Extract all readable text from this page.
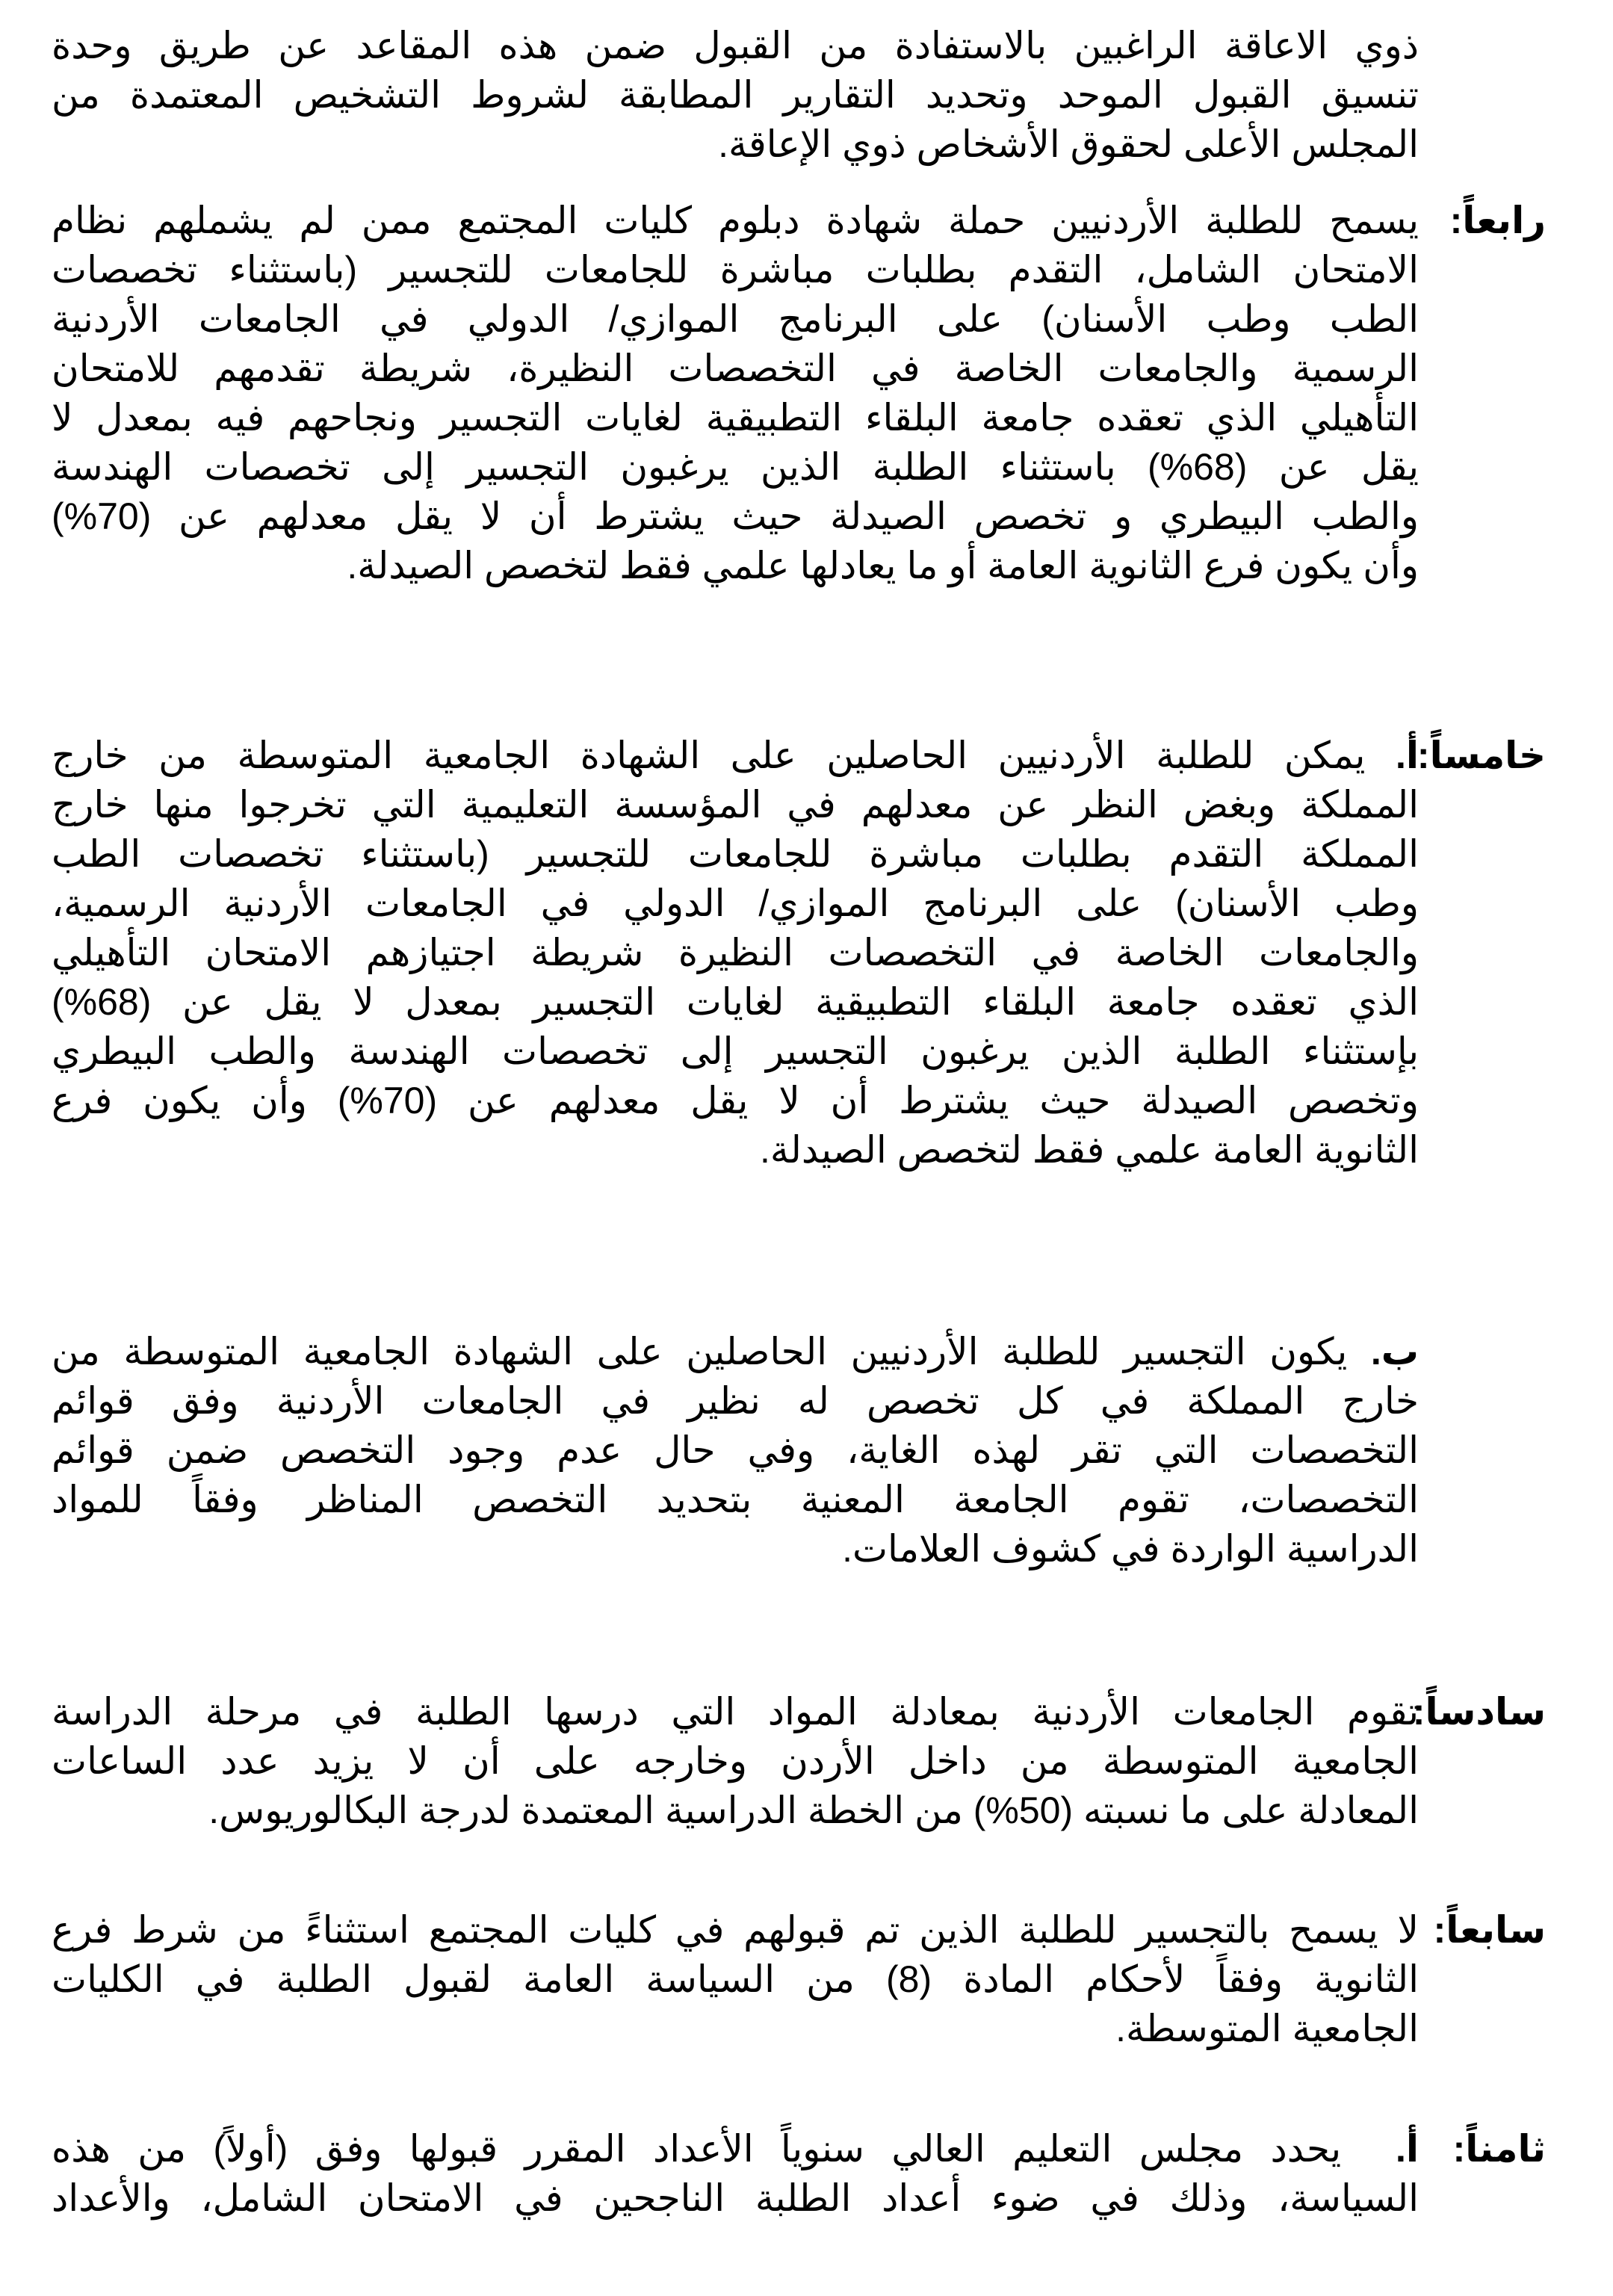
ذوي الاعاقة الراغبين بالاستفادة من القبول ضمن هذه المقاعد عن طريق وحدة
تنسيق القبول الموحد وتحديد التقارير المطابقة لشروط التشخيص المعتمدة من
المجلس الأعلى لحقوق الأشخاص ذوي الإعاقة.
رابعاً:
يسمح للطلبة الأردنيين حملة شهادة دبلوم كليات المجتمع ممن لم يشملهم نظام
الامتحان الشامل، التقدم بطلبات مباشرة للجامعات للتجسير (باستثناء تخصصات
الطب وطب الأسنان) على البرنامج الموازي/ الدولي في الجامعات الأردنية
الرسمية والجامعات الخاصة في التخصصات النظيرة، شريطة تقدمهم للامتحان
التأهيلي الذي تعقده جامعة البلقاء التطبيقية لغايات التجسير ونجاحهم فيه بمعدل لا
يقل عن (68%) باستثناء الطلبة الذين يرغبون التجسير إلى تخصصات الهندسة
والطب البيطري و تخصص الصيدلة حيث يشترط أن لا يقل معدلهم عن (70%)
وأن يكون فرع الثانوية العامة أو ما يعادلها علمي فقط لتخصص الصيدلة.
خامساً:
أ. يمكن للطلبة الأردنيين الحاصلين على الشهادة الجامعية المتوسطة من خارج
المملكة وبغض النظر عن معدلهم في المؤسسة التعليمية التي تخرجوا منها خارج
المملكة التقدم بطلبات مباشرة للجامعات للتجسير (باستثناء تخصصات الطب
وطب الأسنان) على البرنامج الموازي/ الدولي في الجامعات الأردنية الرسمية،
والجامعات الخاصة في التخصصات النظيرة شريطة اجتيازهم الامتحان التأهيلي
الذي تعقده جامعة البلقاء التطبيقية لغايات التجسير بمعدل لا يقل عن (68%)
بإستثناء الطلبة الذين يرغبون التجسير إلى تخصصات الهندسة والطب البيطري
وتخصص الصيدلة حيث يشترط أن لا يقل معدلهم عن (70%) وأن يكون فرع
الثانوية العامة علمي فقط لتخصص الصيدلة.
ب. يكون التجسير للطلبة الأردنيين الحاصلين على الشهادة الجامعية المتوسطة من
خارج المملكة في كل تخصص له نظير في الجامعات الأردنية وفق قوائم
التخصصات التي تقر لهذه الغاية، وفي حال عدم وجود التخصص ضمن قوائم
التخصصات، تقوم الجامعة المعنية بتحديد التخصص المناظر وفقاً للمواد
الدراسية الواردة في كشوف العلامات.
سادساً:
تقوم الجامعات الأردنية بمعادلة المواد التي درسها الطلبة في مرحلة الدراسة
الجامعية المتوسطة من داخل الأردن وخارجه على أن لا يزيد عدد الساعات
المعادلة على ما نسبته (50%) من الخطة الدراسية المعتمدة لدرجة البكالوريوس.
سابعاً:
لا يسمح بالتجسير للطلبة الذين تم قبولهم في كليات المجتمع استثناءً من شرط فرع
الثانوية وفقاً لأحكام المادة (8) من السياسة العامة لقبول الطلبة في الكليات
الجامعية المتوسطة.
ثامناً:
أ.  يحدد مجلس التعليم العالي سنوياً الأعداد المقرر قبولها وفق (أولاً) من هذه
السياسة، وذلك في ضوء أعداد الطلبة الناجحين في الامتحان الشامل، والأعداد
